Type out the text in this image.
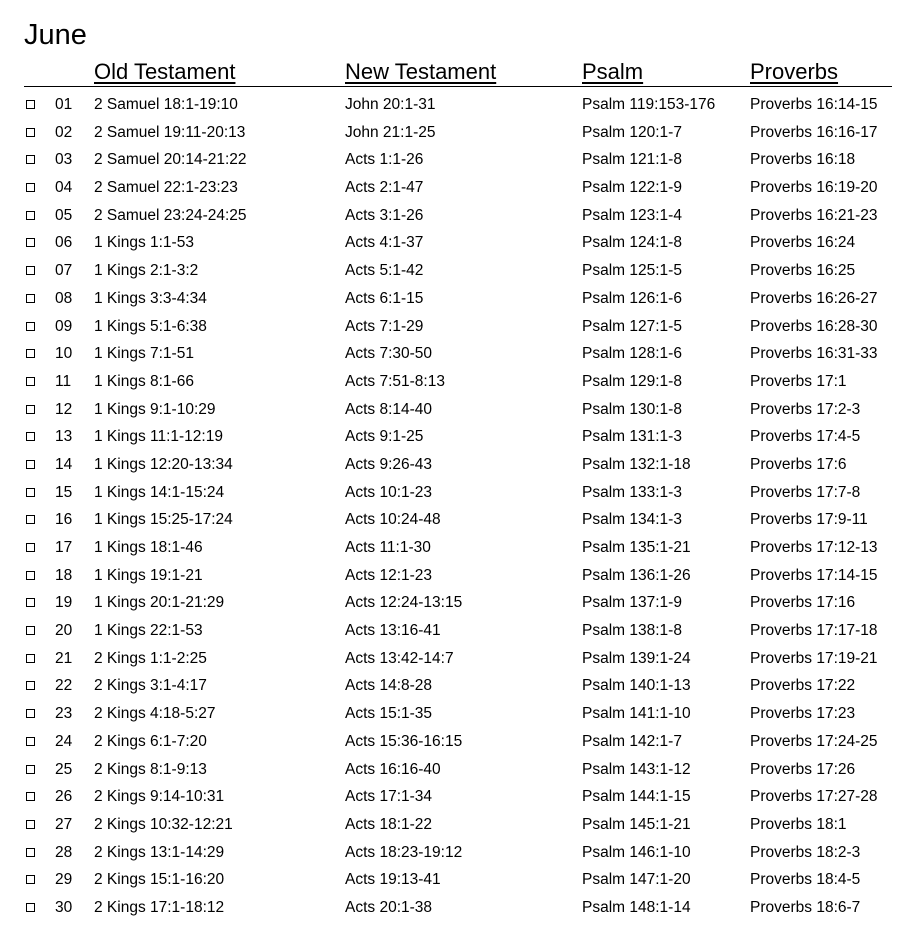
June
Old Testament	New Testament	Psalm	Proverbs
01 2 Samuel 18:1-19:10	John 20:1-31	Psalm 119:153-176 Proverbs 16:14-15
02 2 Samuel 19:11-20:13	John 21:1-25	Psalm 120:1-7	Proverbs 16:16-17
03 2 Samuel 20:14-21:22	Acts 1:1-26	Psalm 121:1-8	Proverbs 16:18
04 2 Samuel 22:1-23:23	Acts 2:1-47	Psalm 122:1-9	Proverbs 16:19-20
05 2 Samuel 23:24-24:25	Acts 3:1-26	Psalm 123:1-4	Proverbs 16:21-23
06 1 Kings 1:1-53	Acts 4:1-37	Psalm 124:1-8	Proverbs 16:24
07 1 Kings 2:1-3:2	Acts 5:1-42	Psalm 125:1-5	Proverbs 16:25
08 1 Kings 3:3-4:34	Acts 6:1-15	Psalm 126:1-6	Proverbs 16:26-27
09 1 Kings 5:1-6:38	Acts 7:1-29	Psalm 127:1-5	Proverbs 16:28-30
10 1 Kings 7:1-51	Acts 7:30-50	Psalm 128:1-6	Proverbs 16:31-33
11 1 Kings 8:1-66	Acts 7:51-8:13	Psalm 129:1-8	Proverbs 17:1
12 1 Kings 9:1-10:29	Acts 8:14-40	Psalm 130:1-8	Proverbs 17:2-3
13 1 Kings 11:1-12:19	Acts 9:1-25	Psalm 131:1-3	Proverbs 17:4-5
14 1 Kings 12:20-13:34	Acts 9:26-43	Psalm 132:1-18	Proverbs 17:6
15 1 Kings 14:1-15:24	Acts 10:1-23	Psalm 133:1-3	Proverbs 17:7-8
16 1 Kings 15:25-17:24	Acts 10:24-48	Psalm 134:1-3	Proverbs 17:9-11
17 1 Kings 18:1-46	Acts 11:1-30	Psalm 135:1-21	Proverbs 17:12-13
18 1 Kings 19:1-21	Acts 12:1-23	Psalm 136:1-26	Proverbs 17:14-15
19 1 Kings 20:1-21:29	Acts 12:24-13:15	Psalm 137:1-9	Proverbs 17:16
20 1 Kings 22:1-53	Acts 13:16-41	Psalm 138:1-8	Proverbs 17:17-18
21 2 Kings 1:1-2:25	Acts 13:42-14:7	Psalm 139:1-24	Proverbs 17:19-21
22 2 Kings 3:1-4:17	Acts 14:8-28	Psalm 140:1-13	Proverbs 17:22
23 2 Kings 4:18-5:27	Acts 15:1-35	Psalm 141:1-10	Proverbs 17:23
24 2 Kings 6:1-7:20	Acts 15:36-16:15	Psalm 142:1-7	Proverbs 17:24-25
25 2 Kings 8:1-9:13	Acts 16:16-40	Psalm 143:1-12	Proverbs 17:26
26 2 Kings 9:14-10:31	Acts 17:1-34	Psalm 144:1-15	Proverbs 17:27-28
27 2 Kings 10:32-12:21	Acts 18:1-22	Psalm 145:1-21	Proverbs 18:1
28 2 Kings 13:1-14:29	Acts 18:23-19:12	Psalm 146:1-10	Proverbs 18:2-3
29 2 Kings 15:1-16:20	Acts 19:13-41	Psalm 147:1-20	Proverbs 18:4-5
30 2 Kings 17:1-18:12	Acts 20:1-38	Psalm 148:1-14	Proverbs 18:6-7
